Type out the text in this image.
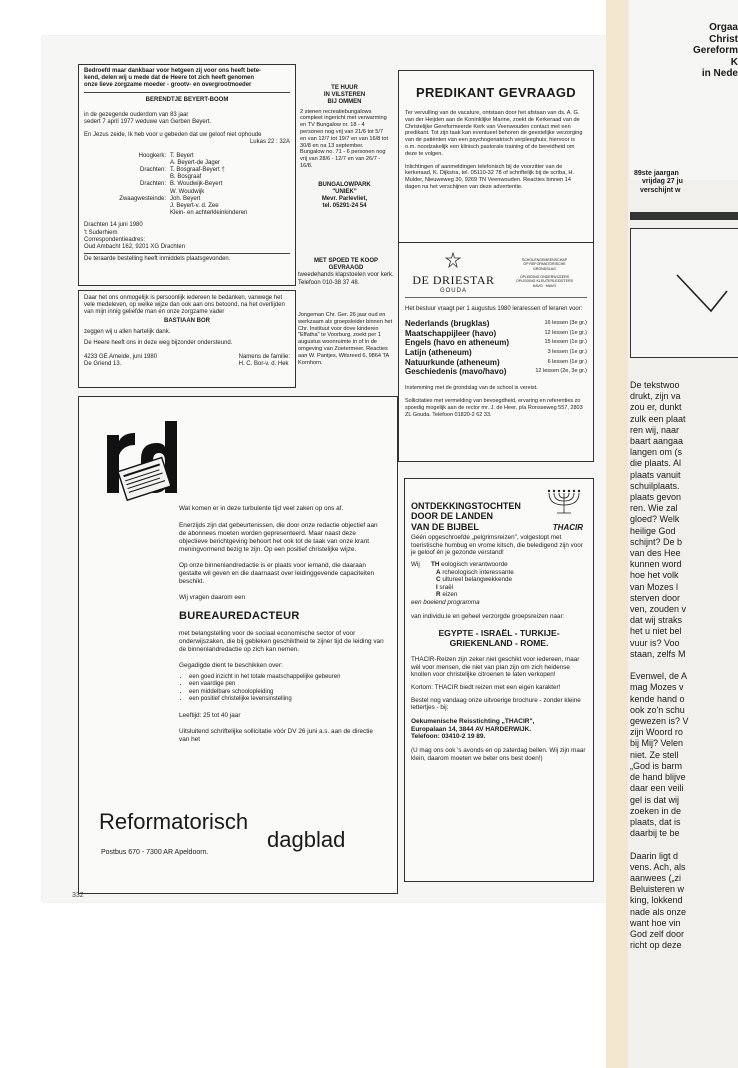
Bedroefd maar dankbaar voor hetgeen zij voor ons heeft bete-

kend, delen wij u mede dat de Heere tot zich heeft genomen

onze lieve zorgzame moeder - grootv- en overgrootmoeder

BERENDTJE BEYERT-BOOM

in de gezegende ouderdom van 83 jaar

sedert 7 april 1977 weduwe van Gerben Beyert.

En Jezus zeide, Ik heb voor u gebeden dat uw geloof niet ophoude

Lukas 22 : 32A

Hoogkerk: T. Beyert

A. Beyert-de Jager

Drachten: T. Bosgraaf-Beyert †

B. Bosgraaf

Drachten: B. Woudwijk-Beyert

W. Woudwijk

Zwaagwesteinde: Joh. Beyert

J. Beyert-v. d. Zee

Klein- en achterkleinkinderen

Drachten 14 juni 1980

't Suderhiem

Correspondentieadres:

Oud Ambacht 162, 9201 XG Drachten

De teraarde bestelling heeft inmiddels plaatsgevonden.

TE HUUR

IN VILSTEREN

BIJ OMMEN

2 stenen recreatiebungalows compleet ingericht met verwarming en TV Bungalow nr. 18 - 4 personen nog vrij van 21/6 tot 5/7 en van 12/7 tot 19/7 en van 16/8 tot 30/8 en na 13 september. Bungalow no. 71 - 6 personen nog vrij van 28/6 - 12/7 en van 26/7 - 16/8.

BUNGALOWPARK

"UNIEK"

Mevr. Parlevliet,

tel. 05291-24 54

PREDIKANT GEVRAAGD

Ter vervulling van de vacature, ontstaan door het afstaan van ds. A. G. van der Heijden aan de Koninklijke Marine, zoekt de Kerkeraad van de Christelijke Gereformeerde Kerk van Veenwouden contact met een predikant. Tot zijn taak kan eventueel behoren de geestelijke verzorging van de patiënten van een psychogeriatrisch verpleeghuis; hiervoor is o.m. noodzakelijk een klinisch pastorale training of de bereidheid om deze te volgen.

Inlichtingen of aanmeldingen telefonisch bij de voorzitter van de kerkeraad, K. Dijkstra, tel. 05110-32 78 of schriftelijk bij de scriba, H. Mulder, Nieuweweg 30, 9269 TN Veenwouden. Reacties binnen 14 dagen na het verschijnen van deze advertentie.

Daar het ons onmogelijk is persoonlijk iedereen te bedanken, vanwege het vele medeleven, op welke wijze dan ook aan ons betoond, na het overlijden van mijn innig geliefde man en onze zorgzame vader

BASTIAAN BOR

zeggen wij u allen hartelijk dank.

De Heere heeft ons in deze weg bijzonder ondersteund.

4233 GE Ameide, juni 1980

De Griend 13.

Namens de familie:

H. C. Bor-v. d. Hek

MET SPOED TE KOOP GEVRAAGD

tweedehands klapstoelen voor kerk.

Telefoon 010-38 37 48.

Jongeman Chr. Ger. 26 jaar oud en werkzaam als groepsleider binnen het Chr. Instituut voor dove kinderen "Effatha" te Voorburg, zoekt per 1 augustus woonruimte in of in de omgeving van Zoetermeer. Reacties aan W. Pantjes, Witsreed 6, 9864 TA Kornhorn.

DE DRIESTAR
GOUDA

SCHOLENGEMEENSCHAP

OP REFORMATORISCHE

GRONDSLAG

OPLEIDING ONDERWIJZERS

OPLEIDING KLEUTERLEIDSTERS

HAVO · MAVO

Het bestuur vraagt per 1 augustus 1980 leraressen of leraren voor:

Nederlands (brugklas)	16 lessen (3e gr.)
Maatschappijleer (havo)	12 lessen (1e gr.)
Engels (havo en atheneum)	15 lessen (1e gr.)
Latijn (atheneum)	3 lessen (1e gr.)
Natuurkunde (atheneum)	6 lessen (1e gr.)
Geschiedenis (mavo/havo)	12 lessen (2e, 3e gr.)

Instemming met de grondslag van de school is vereist.

Sollicitaties met vermelding van bevoegdheid, ervaring en referenties zo spoedig mogelijk aan de rector mr. J. de Heer, p/a Ronsseweg 557, 2803 ZL Gouda. Telefoon 01820-2 62 33.

Wat komen er in deze turbulente tijd veel zaken op ons af.

Enerzijds zijn dat gebeurtenissen, die door onze redactie objectief aan de abonnees moeten worden gepresenteerd. Maar naast deze objectieve berichtgeving behoort het ook tot de taak van onze krant meningvormend bezig te zijn. Op een positief christelijke wijze.

Op onze binnenlandredactie is er plaats voor iemand, die daaraan gestalte wil geven en die daarnaast over leidinggevende capaciteiten beschikt.

Wij vragen daarom een

BUREAUREDACTEUR

met belangstelling voor de sociaal economische sector of voor onderwijszaken, die bij gebleken geschiktheid te zijner tijd de leiding van de binnenlandredactie op zich kan nemen.

Gegadigde dient te beschikken over:

• een goed inzicht in het totale maatschappelijke gebeuren
• een vaardige pen
• een middelbare schoolopleiding
• een positief christelijke levensinstelling

Leeftijd: 25 tot 40 jaar

Uitsluitend schriftelijke sollicitatie vóór DV 26 juni a.s. aan de directie van het

Reformatorisch
dagblad
Postbus 670 - 7300 AR Apeldoorn.

ONTDEKKINGSTOCHTEN

DOOR DE LANDEN

VAN DE BIJBEL	THACIR

Géén opgeschroefde „pelgrimsreizen", volgestopt met toeristische humbug en vrome kitsch, die beledigend zijn voor je geloof én je gezonde verstand!

Wij	TH eologisch verantwoorde

A rcheologisch interessante

C ultureel belangwekkende

I sraël

R eizen

een boeiend programma

van individu.le en geheel verzorgde groepsreizen naar:

EGYPTE - ISRAËL - TURKIJE-

GRIEKENLAND - ROME.

THACIR-Reizen zijn zeker niet geschikt voor iedereen, maar wèl voor mensen, die niet van plan zijn om zich heidense knollen voor christelijke citroenen te laten verkopen!

Kortom: THACIR biedt reizen met een eigen karakter!

Bestel nog vandaag onze uitvoerige brochure - zonder kleine lettertjes - bij:

Oekumenische Reisstichting „THACIR",

Europalaan 14, 3844 AV HARDERWIJK.

Telefoon: 03410-2 19 89.

(U mag ons ook 's avonds en op zaterdag bellen. Wij zijn maar klein, daarom moeten we beter ons best doen!)

332

Orgaa

Christ

Gereform

K

in Nede

89ste jaargan

vrijdag 27 ju

verschijnt w

De tekstwoo

drukt, zijn va

zou er, dunkt

zulk een plaat

ren wij, naar

baart aangaa

langen om (s

die plaats. Al

plaats vanuit

schuilplaats.

plaats gevon

ren. Wie zal

gloed? Welk

heilige God

schijnt? De b

van des Hee

kunnen word

hoe het volk

van Mozes l

sterven door

ven, zouden v

dat wij straks

het u niet bel

vuur is? Voo

staan, zelfs M

Evenwel, de A

mag Mozes v

kende hand o

ook zo'n schu

gewezen is? V

zijn Woord ro

bij Mij? Velen

niet. Ze stell

„God is barm

de hand blijve

daar een veili

gel is dat wij

zoeken in de

plaats, dat is

daarbij te be

Daarin ligt d

vens. Ach, als

aanwees („zi

Beluisteren w

king, lokkend

nade als onze

want hoe vin

God zelf door

richt op deze
